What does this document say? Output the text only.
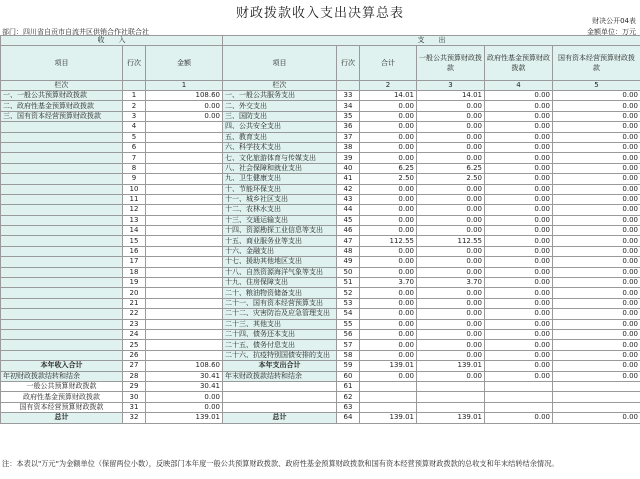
财政拨款收入支出决算总表	财决公开04表
部门：四川省自贡市自流井区供销合作社联合社	金额单位：万元
收　　入			支　　出					
项目	行次	金额	项目	行次	合计	一般公共预算财政拨款	政府性基金预算财政拨款	国有资本经营预算财政拨款
栏次		1	栏次		2	3	4	5
一、一般公共预算财政拨款	1	108.60	一、一般公共服务支出	33	14.01	14.01	0.00	0.00
二、政府性基金预算财政拨款	2	0.00	二、外交支出	34	0.00	0.00	0.00	0.00
三、国有资本经营预算财政拨款	3	0.00	三、国防支出	35	0.00	0.00	0.00	0.00
	4		四、公共安全支出	36	0.00	0.00	0.00	0.00
	5		五、教育支出	37	0.00	0.00	0.00	0.00
	6		六、科学技术支出	38	0.00	0.00	0.00	0.00
	7		七、文化旅游体育与传媒支出	39	0.00	0.00	0.00	0.00
	8		八、社会保障和就业支出	40	6.25	6.25	0.00	0.00
	9		九、卫生健康支出	41	2.50	2.50	0.00	0.00
	10		十、节能环保支出	42	0.00	0.00	0.00	0.00
	11		十一、城乡社区支出	43	0.00	0.00	0.00	0.00
	12		十二、农林水支出	44	0.00	0.00	0.00	0.00
	13		十三、交通运输支出	45	0.00	0.00	0.00	0.00
	14		十四、资源勘探工业信息等支出	46	0.00	0.00	0.00	0.00
	15		十五、商业服务业等支出	47	112.55	112.55	0.00	0.00
	16		十六、金融支出	48	0.00	0.00	0.00	0.00
	17		十七、援助其他地区支出	49	0.00	0.00	0.00	0.00
	18		十八、自然资源海洋气象等支出	50	0.00	0.00	0.00	0.00
	19		十九、住房保障支出	51	3.70	3.70	0.00	0.00
	20		二十、粮油物资储备支出	52	0.00	0.00	0.00	0.00
	21		二十一、国有资本经营预算支出	53	0.00	0.00	0.00	0.00
	22		二十二、灾害防治及应急管理支出	54	0.00	0.00	0.00	0.00
	23		二十三、其他支出	55	0.00	0.00	0.00	0.00
	24		二十四、债务还本支出	56	0.00	0.00	0.00	0.00
	25		二十五、债务付息支出	57	0.00	0.00	0.00	0.00
	26		二十六、抗疫特别国债安排的支出	58	0.00	0.00	0.00	0.00
本年收入合计	27	108.60	本年支出合计	59	139.01	139.01	0.00	0.00
年初财政拨款结转和结余	28	30.41	年末财政拨款结转和结余	60	0.00	0.00	0.00	0.00
一般公共预算财政拨款	29	30.41		61				
政府性基金预算财政拨款	30	0.00		62				
国有资本经营预算财政拨款	31	0.00		63				
总计	32	139.01	总计	64	139.01	139.01	0.00	0.00
注：本表以"万元"为金额单位（保留两位小数），反映部门本年度一般公共预算财政拨款、政府性基金预算财政拨款和国有资本经营预算财政拨款的总收支和年末结转结余情况。
